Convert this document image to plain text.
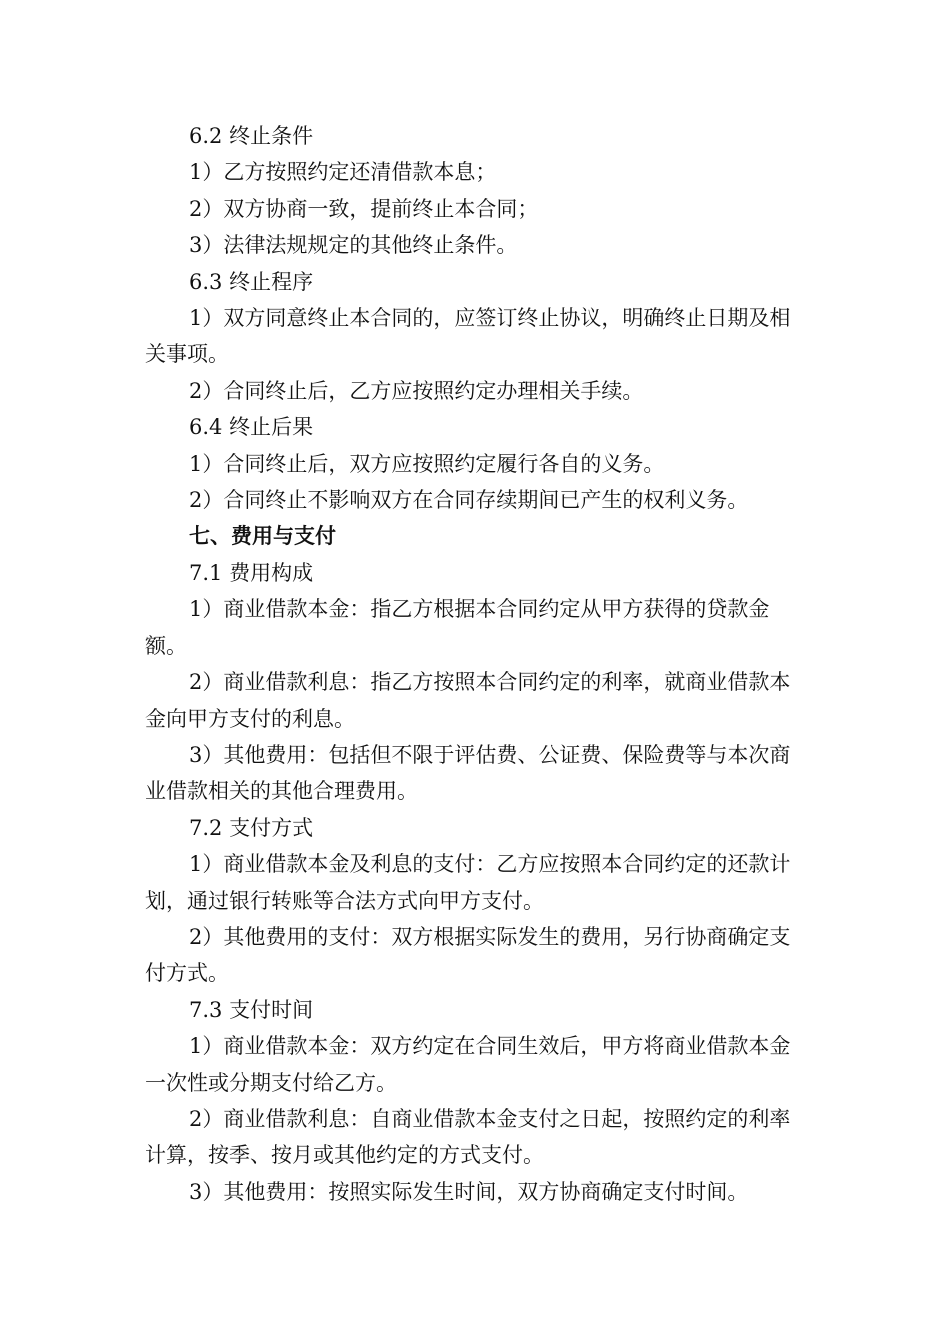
6.2 终止条件

1）乙方按照约定还清借款本息；

2）双方协商一致，提前终止本合同；

3）法律法规规定的其他终止条件。

6.3 终止程序

1）双方同意终止本合同的，应签订终止协议，明确终止日期及相关事项。

2）合同终止后，乙方应按照约定办理相关手续。

6.4 终止后果

1）合同终止后，双方应按照约定履行各自的义务。

2）合同终止不影响双方在合同存续期间已产生的权利义务。

七、费用与支付

7.1 费用构成

1）商业借款本金：指乙方根据本合同约定从甲方获得的贷款金额。

2）商业借款利息：指乙方按照本合同约定的利率，就商业借款本金向甲方支付的利息。

3）其他费用：包括但不限于评估费、公证费、保险费等与本次商业借款相关的其他合理费用。

7.2 支付方式

1）商业借款本金及利息的支付：乙方应按照本合同约定的还款计划，通过银行转账等合法方式向甲方支付。

2）其他费用的支付：双方根据实际发生的费用，另行协商确定支付方式。

7.3 支付时间

1）商业借款本金：双方约定在合同生效后，甲方将商业借款本金一次性或分期支付给乙方。

2）商业借款利息：自商业借款本金支付之日起，按照约定的利率计算，按季、按月或其他约定的方式支付。

3）其他费用：按照实际发生时间，双方协商确定支付时间。
